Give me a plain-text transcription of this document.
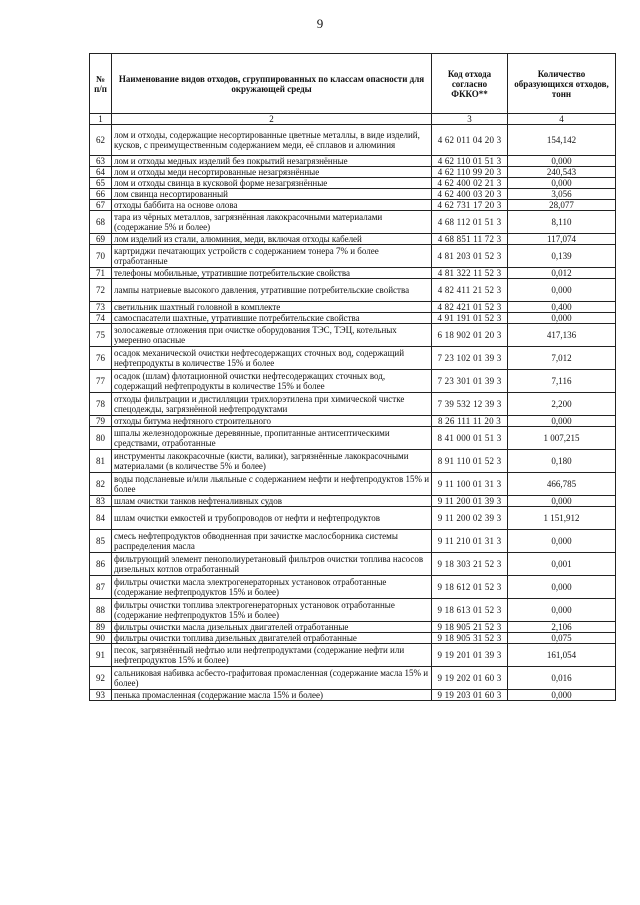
9
№ п/п	Наименование видов отходов, сгруппированных по классам опасности для окружающей среды	Код отхода согласно ФККО**	Количество образующихся отходов, тонн
1	2	3	4
62	лом и отходы, содержащие несортированные цветные металлы, в виде изделий, кусков, с преимущественным содержанием меди, её сплавов и алюминия	4 62 011 04 20 3	154,142
63	лом и отходы медных изделий без покрытий незагрязнённые	4 62 110 01 51 3	0,000
64	лом и отходы меди несортированные незагрязнённые	4 62 110 99 20 3	240,543
65	лом и отходы свинца в кусковой форме незагрязнённые	4 62 400 02 21 3	0,000
66	лом свинца несортированный	4 62 400 03 20 3	3,056
67	отходы баббита на основе олова	4 62 731 17 20 3	28,077
68	тара из чёрных металлов, загрязнённая лакокрасочными материалами (содержание 5% и более)	4 68 112 01 51 3	8,110
69	лом изделий из стали, алюминия, меди, включая отходы кабелей	4 68 851 11 72 3	117,074
70	картриджи печатающих устройств с содержанием тонера 7% и более отработанные	4 81 203 01 52 3	0,139
71	телефоны мобильные, утратившие потребительские свойства	4 81 322 11 52 3	0,012
72	лампы натриевые высокого давления, утратившие потребительские свойства	4 82 411 21 52 3	0,000
73	светильник шахтный головной в комплекте	4 82 421 01 52 3	0,400
74	самоспасатели шахтные, утратившие потребительские свойства	4 91 191 01 52 3	0,000
75	золосажевые отложения при очистке оборудования ТЭС, ТЭЦ, котельных умеренно опасные	6 18 902 01 20 3	417,136
76	осадок механической очистки нефтесодержащих сточных вод, содержащий нефтепродукты в количестве 15% и более	7 23 102 01 39 3	7,012
77	осадок (шлам) флотационной очистки нефтесодержащих сточных вод, содержащий нефтепродукты в количестве 15% и более	7 23 301 01 39 3	7,116
78	отходы фильтрации и дистилляции трихлорэтилена при химической чистке спецодежды, загрязнённой нефтепродуктами	7 39 532 12 39 3	2,200
79	отходы битума нефтяного строительного	8 26 111 11 20 3	0,000
80	шпалы железнодорожные деревянные, пропитанные антисептическими средствами, отработанные	8 41 000 01 51 3	1 007,215
81	инструменты лакокрасочные (кисти, валики), загрязнённые лакокрасочными материалами (в количестве 5% и более)	8 91 110 01 52 3	0,180
82	воды подсланевые и/или льяльные с содержанием нефти и нефтепродуктов 15% и более	9 11 100 01 31 3	466,785
83	шлам очистки танков нефтеналивных судов	9 11 200 01 39 3	0,000
84	шлам очистки емкостей и трубопроводов от нефти и нефтепродуктов	9 11 200 02 39 3	1 151,912
85	смесь нефтепродуктов обводненная при зачистке маслосборника системы распределения масла	9 11 210 01 31 3	0,000
86	фильтрующий элемент пенополиуретановый фильтров очистки топлива насосов дизельных котлов отработанный	9 18 303 21 52 3	0,001
87	фильтры очистки масла электрогенераторных установок отработанные (содержание нефтепродуктов 15% и более)	9 18 612 01 52 3	0,000
88	фильтры очистки топлива электрогенераторных установок отработанные (содержание нефтепродуктов 15% и более)	9 18 613 01 52 3	0,000
89	фильтры очистки масла дизельных двигателей отработанные	9 18 905 21 52 3	2,106
90	фильтры очистки топлива дизельных двигателей отработанные	9 18 905 31 52 3	0,075
91	песок, загрязнённый нефтью или нефтепродуктами (содержание нефти или нефтепродуктов 15% и более)	9 19 201 01 39 3	161,054
92	сальниковая набивка асбесто-графитовая промасленная (содержание масла 15% и более)	9 19 202 01 60 3	0,016
93	пенька промасленная (содержание масла 15% и более)	9 19 203 01 60 3	0,000
